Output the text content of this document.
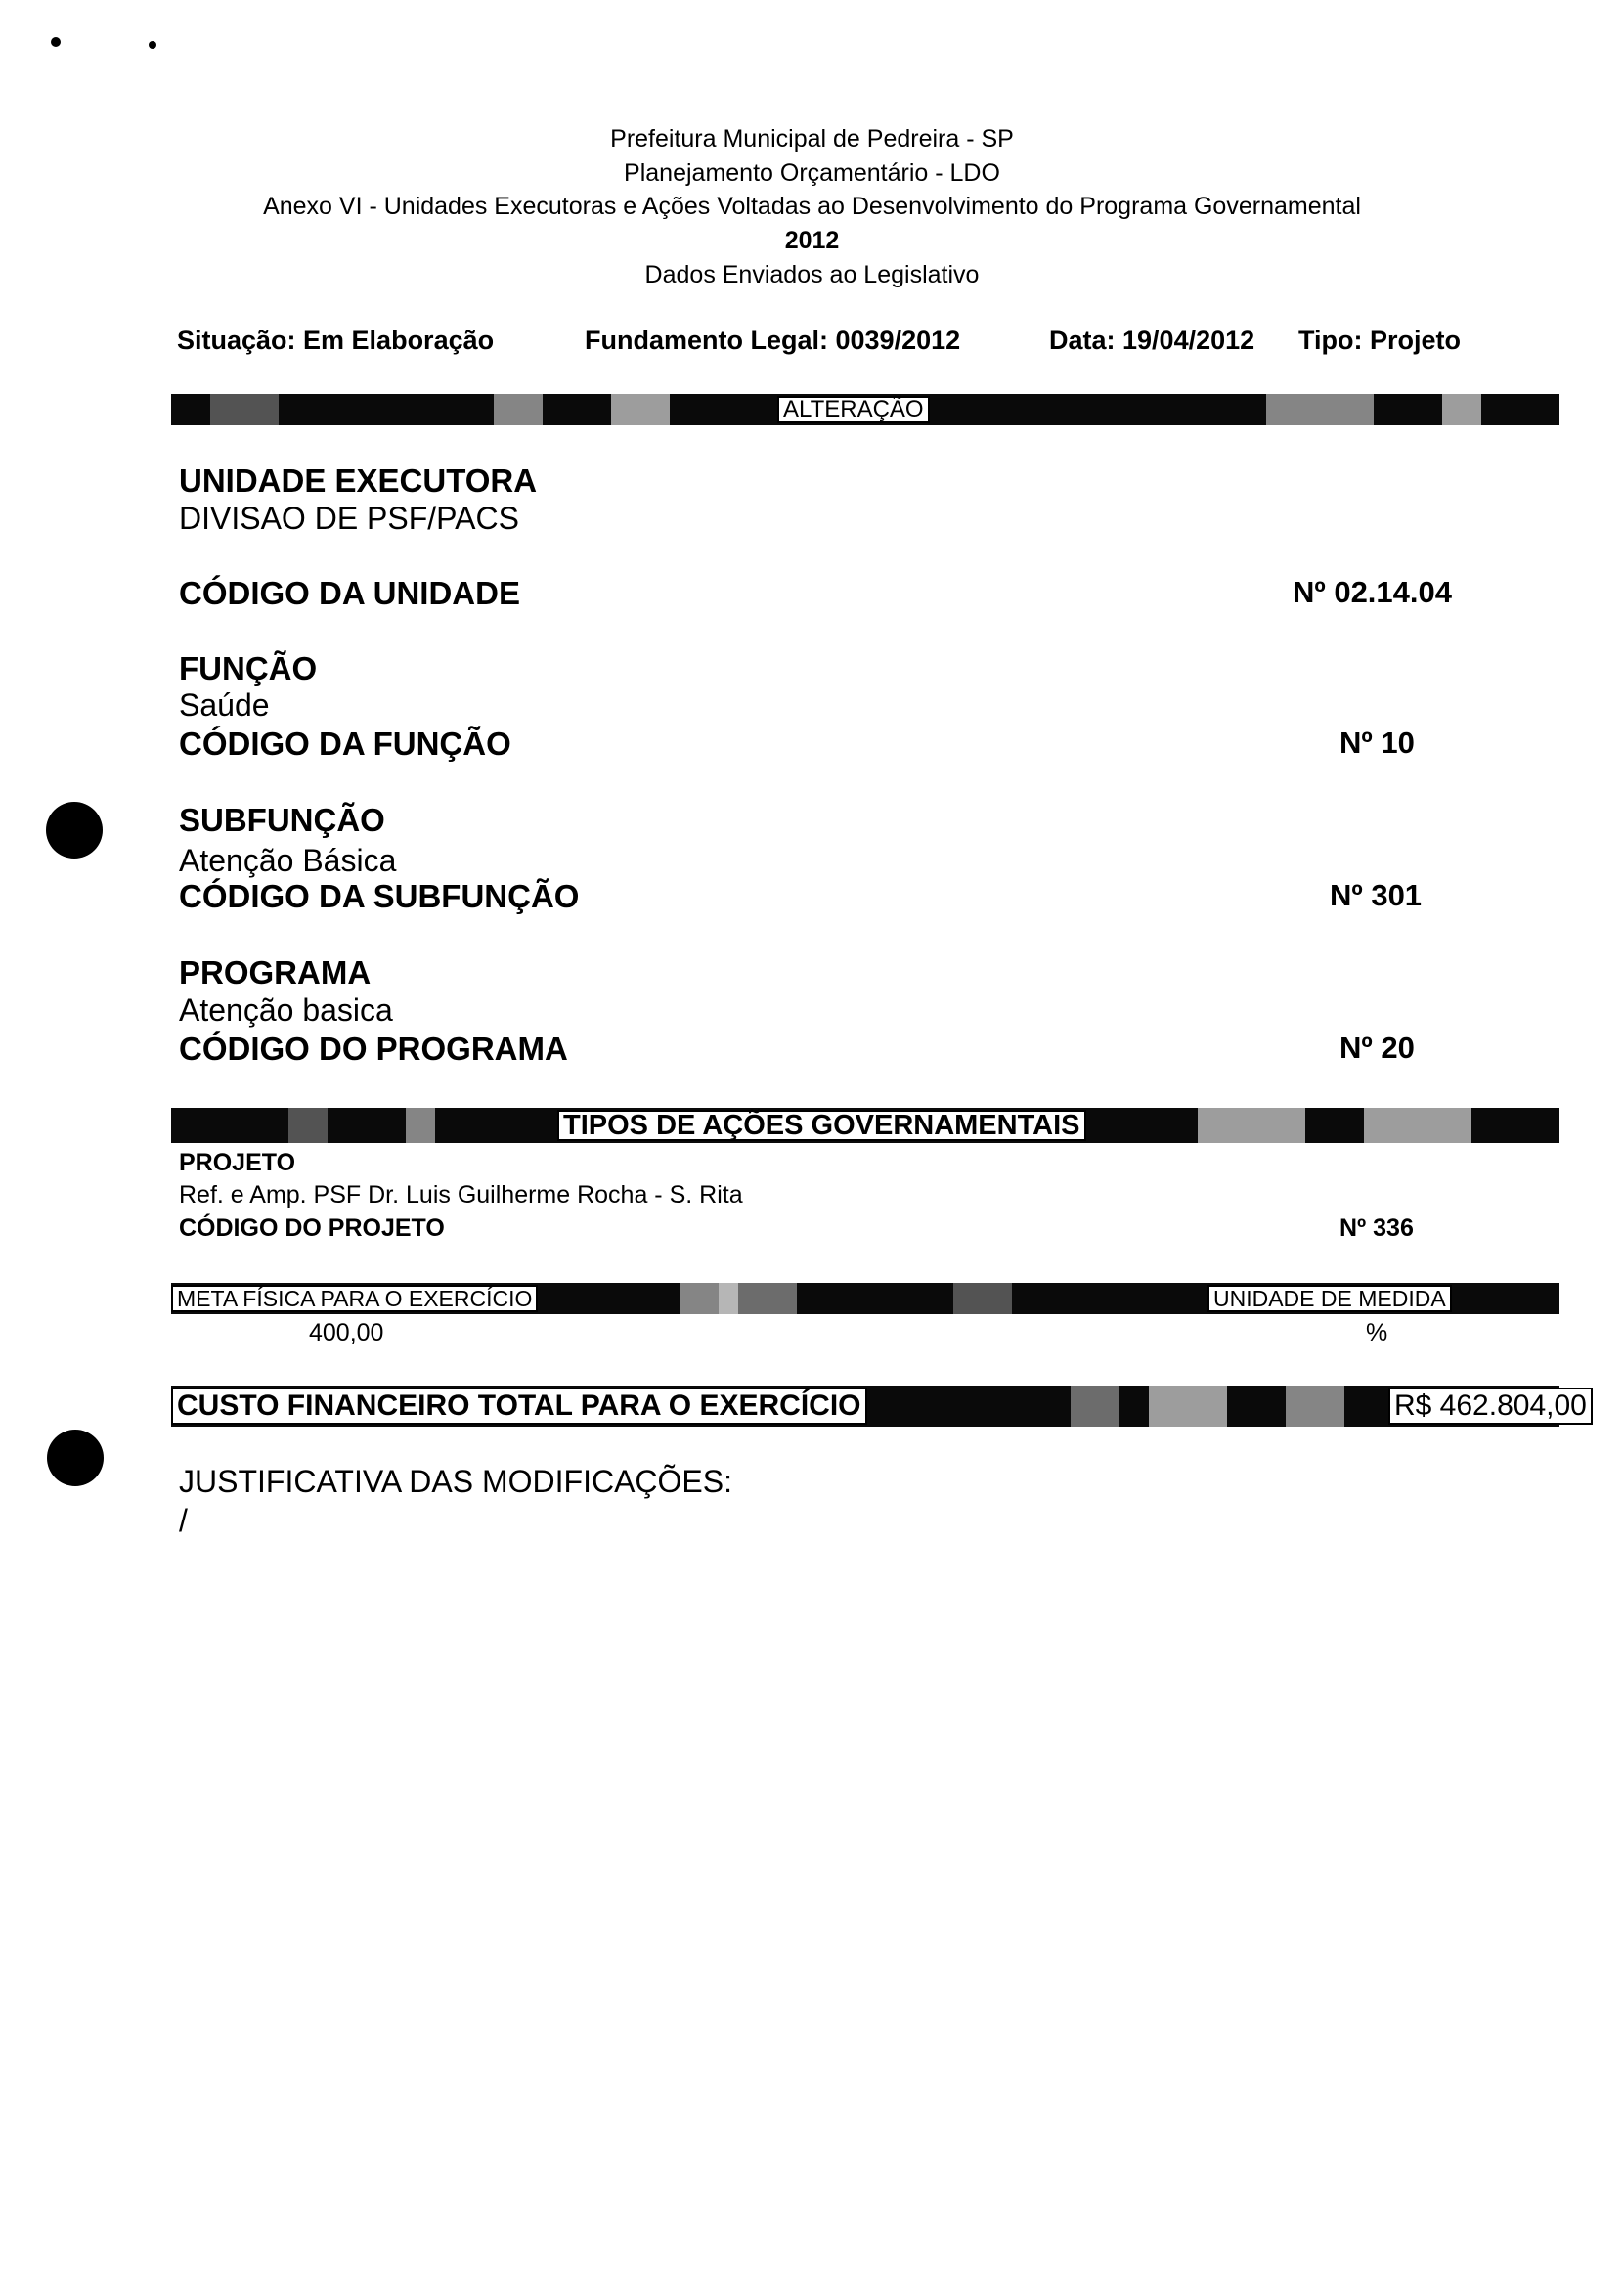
Prefeitura Municipal de Pedreira - SP
Planejamento Orçamentário - LDO
Anexo VI - Unidades Executoras e Ações Voltadas ao Desenvolvimento do Programa Governamental
2012
Dados Enviados ao Legislativo
Situação: Em Elaboração	Fundamento Legal: 0039/2012	Data: 19/04/2012 Tipo: Projeto
ALTERAÇÃO
UNIDADE EXECUTORA
DIVISAO DE PSF/PACS
CÓDIGO DA UNIDADE	Nº 02.14.04
FUNÇÃO
Saúde
CÓDIGO DA FUNÇÃO	Nº 10
SUBFUNÇÃO
Atenção Básica
CÓDIGO DA SUBFUNÇÃO	Nº 301
PROGRAMA
Atenção basica
CÓDIGO DO PROGRAMA	Nº 20
TIPOS DE AÇÕES GOVERNAMENTAIS
PROJETO
Ref. e Amp. PSF Dr. Luis Guilherme Rocha - S. Rita
CÓDIGO DO PROJETO	Nº 336
META FÍSICA PARA O EXERCÍCIO	UNIDADE DE MEDIDA
400,00	%
CUSTO FINANCEIRO TOTAL PARA O EXERCÍCIO	R$ 462.804,00
JUSTIFICATIVA DAS MODIFICAÇÕES:
/
